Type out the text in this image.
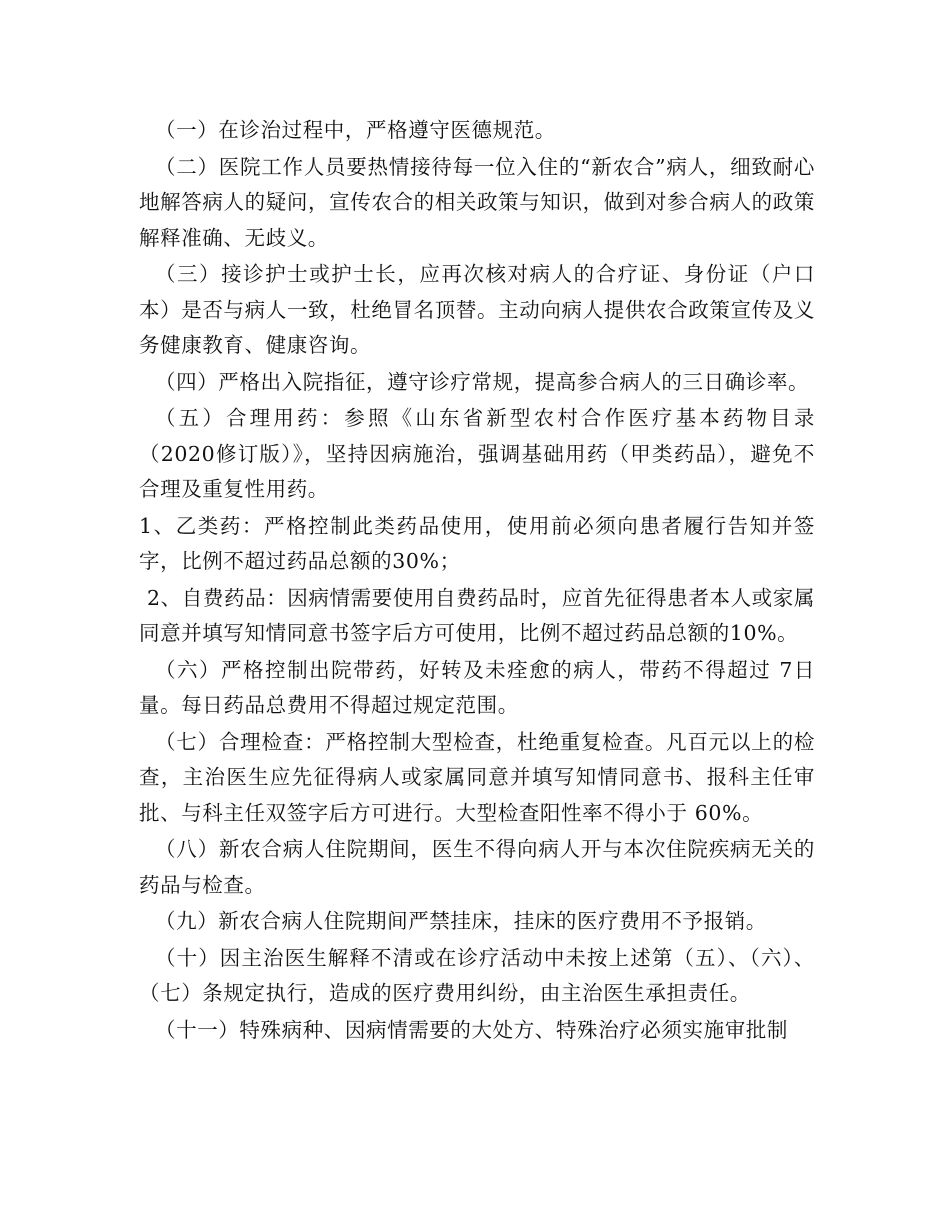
（一）在诊治过程中，严格遵守医德规范。

（二）医院工作人员要热情接待每一位入住的“新农合”病人，细致耐心地解答病人的疑问，宣传农合的相关政策与知识，做到对参合病人的政策解释准确、无歧义。

（三）接诊护士或护士长，应再次核对病人的合疗证、身份证（户口本）是否与病人一致，杜绝冒名顶替。主动向病人提供农合政策宣传及义务健康教育、健康咨询。

（四）严格出入院指征，遵守诊疗常规，提高参合病人的三日确诊率。

（五）合理用药：参照《山东省新型农村合作医疗基本药物目录（2020修订版）》，坚持因病施治，强调基础用药（甲类药品），避免不合理及重复性用药。

1、乙类药：严格控制此类药品使用，使用前必须向患者履行告知并签字，比例不超过药品总额的30%；

2、自费药品：因病情需要使用自费药品时，应首先征得患者本人或家属同意并填写知情同意书签字后方可使用，比例不超过药品总额的10%。

（六）严格控制出院带药，好转及未痊愈的病人，带药不得超过 7日量。每日药品总费用不得超过规定范围。

（七）合理检查：严格控制大型检查，杜绝重复检查。凡百元以上的检查，主治医生应先征得病人或家属同意并填写知情同意书、报科主任审批、与科主任双签字后方可进行。大型检查阳性率不得小于 60%。

（八）新农合病人住院期间，医生不得向病人开与本次住院疾病无关的药品与检查。

（九）新农合病人住院期间严禁挂床，挂床的医疗费用不予报销。

（十）因主治医生解释不清或在诊疗活动中未按上述第（五）、（六）、（七）条规定执行，造成的医疗费用纠纷，由主治医生承担责任。

（十一）特殊病种、因病情需要的大处方、特殊治疗必须实施审批制
